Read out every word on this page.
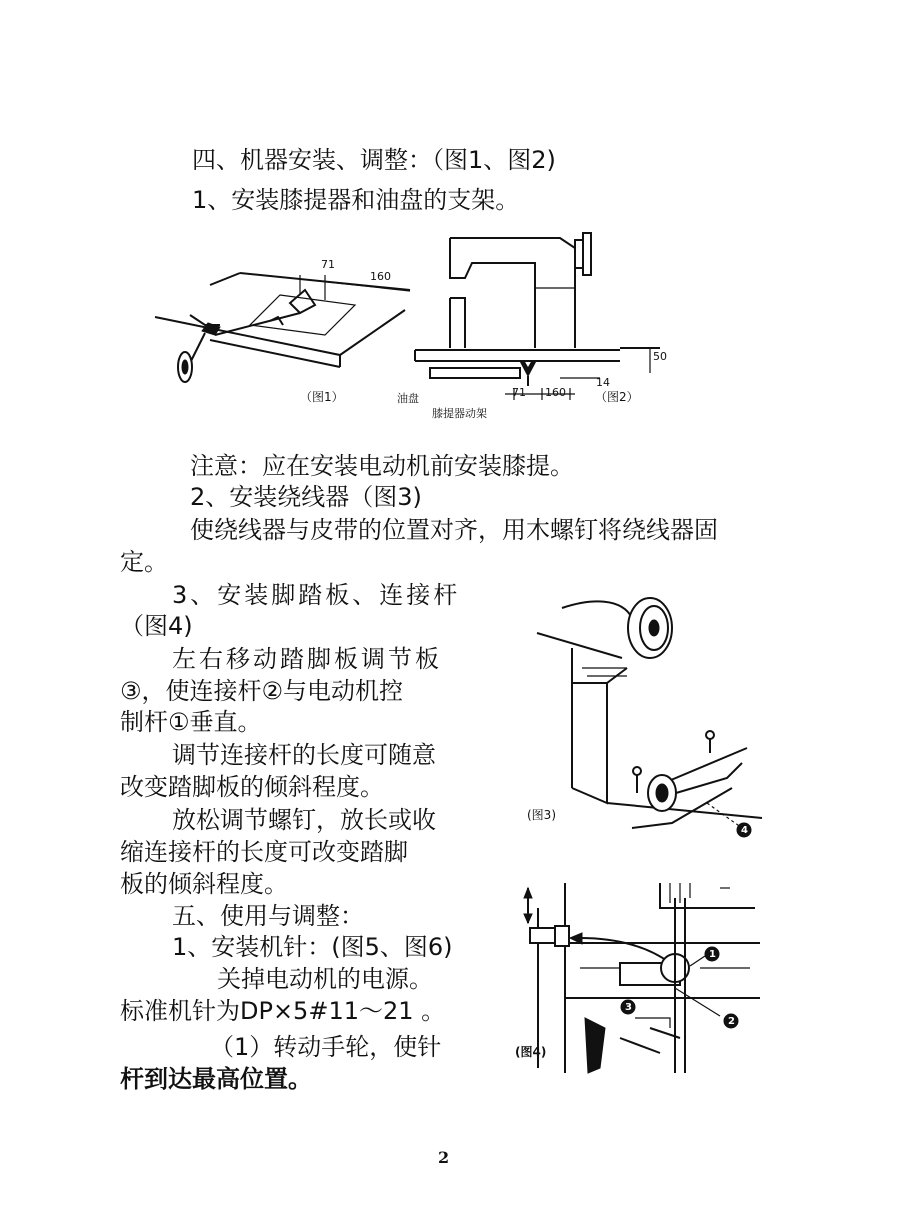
四、机器安装、调整：（图1、图2)
1、安装膝提器和油盘的支架。
71
160
（图1）
50
14
71 160
油盘	（图2）
膝提器动架
注意：应在安装电动机前安装膝提。
2、安装绕线器（图3)
使绕线器与皮带的位置对齐，用木螺钉将绕线器固
定。
3、安装脚踏板、连接杆
（图4)
左右移动踏脚板调节板
③，使连接杆②与电动机控
制杆①垂直。
调节连接杆的长度可随意
改变踏脚板的倾斜程度。
放松调节螺钉，放长或收
缩连接杆的长度可改变踏脚
板的倾斜程度。
4
(图3)
五、使用与调整：
1、安装机针：(图5、图6)
关掉电动机的电源。
标准机针为DP×5#11～21 。
（1）转动手轮，使针
杆到达最高位置。
1
2
3
(图4)
2
